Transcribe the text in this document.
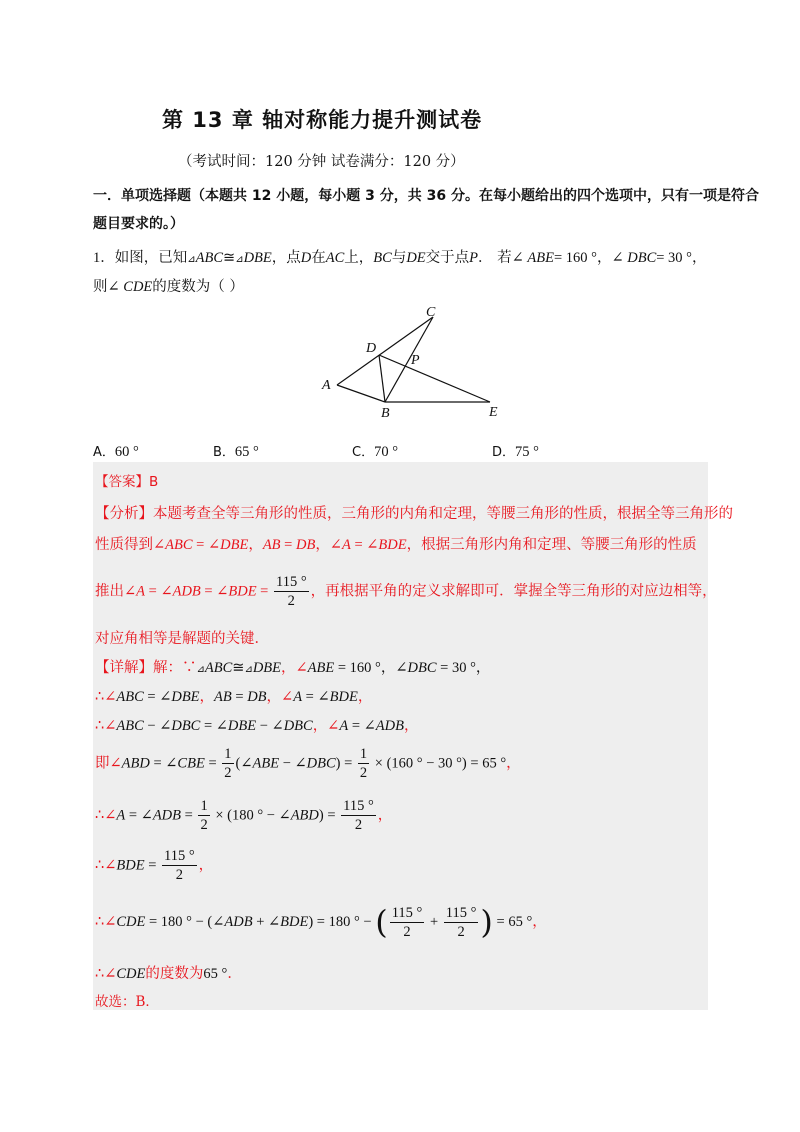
第 13 章 轴对称能力提升测试卷
（考试时间：120 分钟 试卷满分：120 分）
一．单项选择题（本题共 12 小题，每小题 3 分，共 36 分。在每小题给出的四个选项中，只有一项是符合
题目要求的。）
1．如图，已知⊿ABC≅⊿DBE，点D在AC上，BC与DE交于点P． 若∠ ABE= 160 °，∠ DBC= 30 °，
则∠ CDE的度数为（ ）
A
B
C
D
E
P
A．60 °	B．65 °	C．70 °	D．75 °
【答案】B
【分析】本题考查全等三角形的性质，三角形的内角和定理，等腰三角形的性质，根据全等三角形的
性质得到∠ABC = ∠DBE，AB = DB，∠A = ∠BDE，根据三角形内角和定理、等腰三角形的性质
推出∠A = ∠ADB = ∠BDE = $\frac{115 ^\circ}{2}$ ，再根据平角的定义求解即可．掌握全等三角形的对应边相等，
对应角相等是解题的关键．
【详解】解：∵⊿ABC≅⊿DBE，∠ABE = 160 °，∠DBC = 30 °，
∴∠ABC = ∠DBE，AB = DB，∠A = ∠BDE，
∴∠ABC − ∠DBC = ∠DBE − ∠DBC，∠A = ∠ADB，
即∠ABD = ∠CBE = $\frac{1}{2}$ (∠ABE − ∠DBC) = $\frac{1}{2} \times (160$ ° − 30 °) = 65 °，
∴∠A = ∠ADB = $\frac{1}{2} \times (180$ ° − ∠ABD) = $\frac{115 ^\circ}{2}$ ，
∴∠BDE = $\frac{115 ^\circ}{2}$ ，
∴∠CDE = 180 ° − (∠ADB + ∠BDE) = 180 ° − ( $\frac{115 ^\circ}{2} + \frac{115 ^\circ}{2}$ ) = 65 °，
∴∠CDE的度数为65 °．
故选：B．
